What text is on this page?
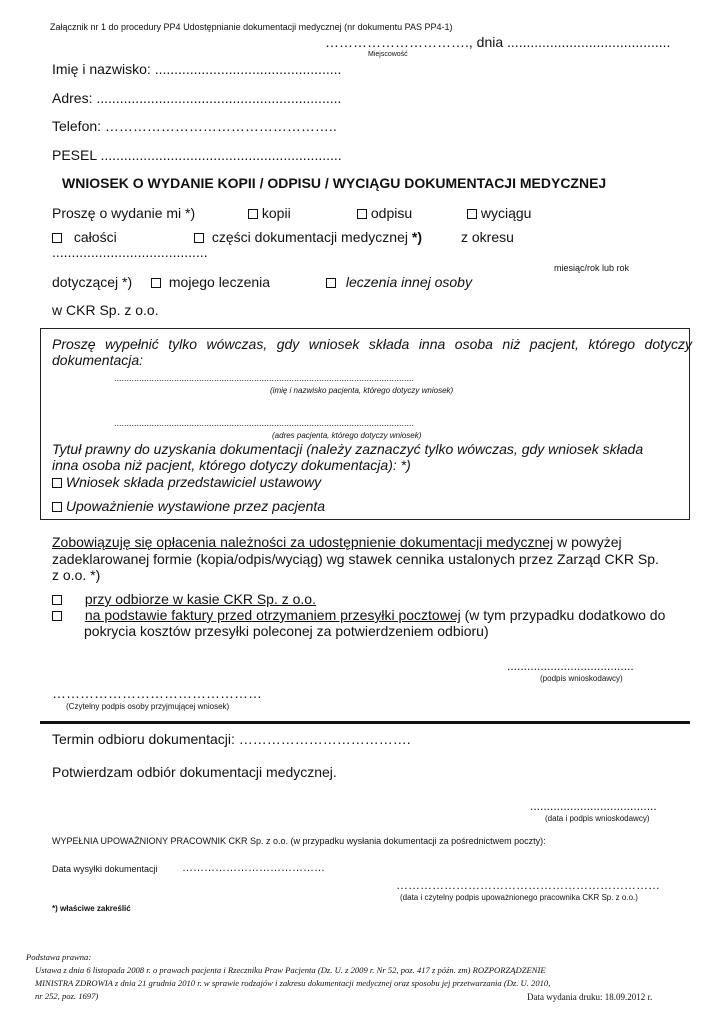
Załącznik nr 1 do procedury PP4 Udostępnianie dokumentacji medycznej (nr dokumentu PAS PP4-1)
…………………………., dnia ..........................................
Miejscowość
Imię i nazwisko: ................................................
Adres: ...............................................................
Telefon: …………………………………………..
PESEL ..............................................................
WNIOSEK O WYDANIE KOPII / ODPISU / WYCIĄGU DOKUMENTACJI MEDYCZNEJ
Proszę o wydanie mi *)	kopii	odpisu	wyciągu
całości	części dokumentacji medycznej *)	z okresu
........................................
miesiąc/rok lub rok
dotyczącej *)	mojego leczenia	leczenia innej osoby
w CKR Sp. z o.o.
Proszę wypełnić tylko wówczas, gdy wniosek składa inna osoba niż pacjent, którego dotyczy dokumentacja:
........................................................................................................................
(imię i nazwisko pacjenta, którego dotyczy wniosek)
........................................................................................................................
(adres pacjenta, którego dotyczy wniosek)
Tytuł prawny do uzyskania dokumentacji (należy zaznaczyć tylko wówczas, gdy wniosek składa
inna osoba niż pacjent, którego dotyczy dokumentacja): *)
Wniosek składa przedstawiciel ustawowy
Upoważnienie wystawione przez pacjenta
Zobowiązuję się opłacenia należności za udostępnienie dokumentacji medycznej w powyżej
zadeklarowanej formie (kopia/odpis/wyciąg) wg stawek cennika ustalonych przez Zarząd CKR Sp.
z o.o. *)
przy odbiorze w kasie CKR Sp. z o.o.
na podstawie faktury przed otrzymaniem przesyłki pocztowej (w tym przypadku dodatkowo do
pokrycia kosztów przesyłki poleconej za potwierdzeniem odbioru)
......................................
(podpis wnioskodawcy)
………………………………………
(Czytelny podpis osoby przyjmującej wniosek)
Termin odbioru dokumentacji: ……………………………….
Potwierdzam odbiór dokumentacji medycznej.
......................................
(data i podpis wnioskodawcy)
WYPEŁNIA UPOWAŻNIONY PRACOWNIK CKR Sp. z o.o. (w przypadku wysłania dokumentacji za pośrednictwem poczty):
Data wysyłki dokumentacji …………………………………
…………………………………………………………
(data i czytelny podpis upoważnionego pracownika CKR Sp. z o.o.)
*) właściwe zakreślić
Podstawa prawna:
Ustawa z dnia 6 listopada 2008 r. o prawach pacjenta i Rzeczniku Praw Pacjenta (Dz. U. z 2009 r. Nr 52, poz. 417 z późn. zm) ROZPORZĄDZENIE
MINISTRA ZDROWIA z dnia 21 grudnia 2010 r. w sprawie rodzajów i zakresu dokumentacji medycznej oraz sposobu jej przetwarzania (Dz. U. 2010,
nr 252, poz. 1697)	Data wydania druku: 18.09.2012 r.
